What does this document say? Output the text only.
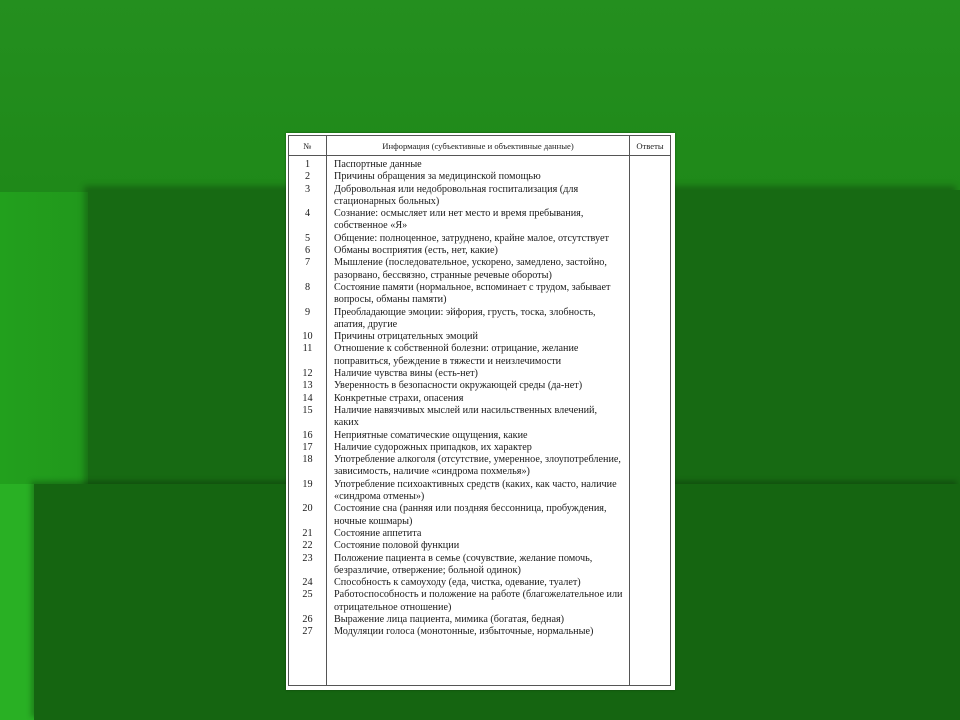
№	Информация (субъективные и объективные данные)	Ответы
1	Паспортные данные
2	Причины обращения за медицинской помощью
3	Добровольная или недобровольная госпитализация (для стационарных больных)
4	Сознание: осмысляет или нет место и время пребывания, собственное «Я»
5	Общение: полноценное, затруднено, крайне малое, отсутствует
6	Обманы восприятия (есть, нет, какие)
7	Мышление (последовательное, ускорено, замедлено, застойно, разорвано, бессвязно, странные речевые обороты)
8	Состояние памяти (нормальное, вспоминает с трудом, забывает вопросы, обманы памяти)
9	Преобладающие эмоции: эйфория, грусть, тоска, злобность, апатия, другие
10	Причины отрицательных эмоций
11	Отношение к собственной болезни: отрицание, желание поправиться, убеждение в тяжести и неизлечимости
12	Наличие чувства вины (есть-нет)
13	Уверенность в безопасности окружающей среды (да-нет)
14	Конкретные страхи, опасения
15	Наличие навязчивых мыслей или насильственных влечений, каких
16	Неприятные соматические ощущения, какие
17	Наличие судорожных припадков, их характер
18	Употребление алкоголя (отсутствие, умеренное, злоупотребление, зависимость, наличие «синдрома похмелья»)
19	Употребление психоактивных средств (каких, как часто, наличие «синдрома отмены»)
20	Состояние сна (ранняя или поздняя бессонница, пробуждения, ночные кошмары)
21	Состояние аппетита
22	Состояние половой функции
23	Положение пациента в семье (сочувствие, желание помочь, безразличие, отвержение; больной одинок)
24	Способность к самоуходу (еда, чистка, одевание, туалет)
25	Работоспособность и положение на работе (благожелательное или отрицательное отношение)
26	Выражение лица пациента, мимика (богатая, бедная)
27	Модуляции голоса (монотонные, избыточные, нормальные)
